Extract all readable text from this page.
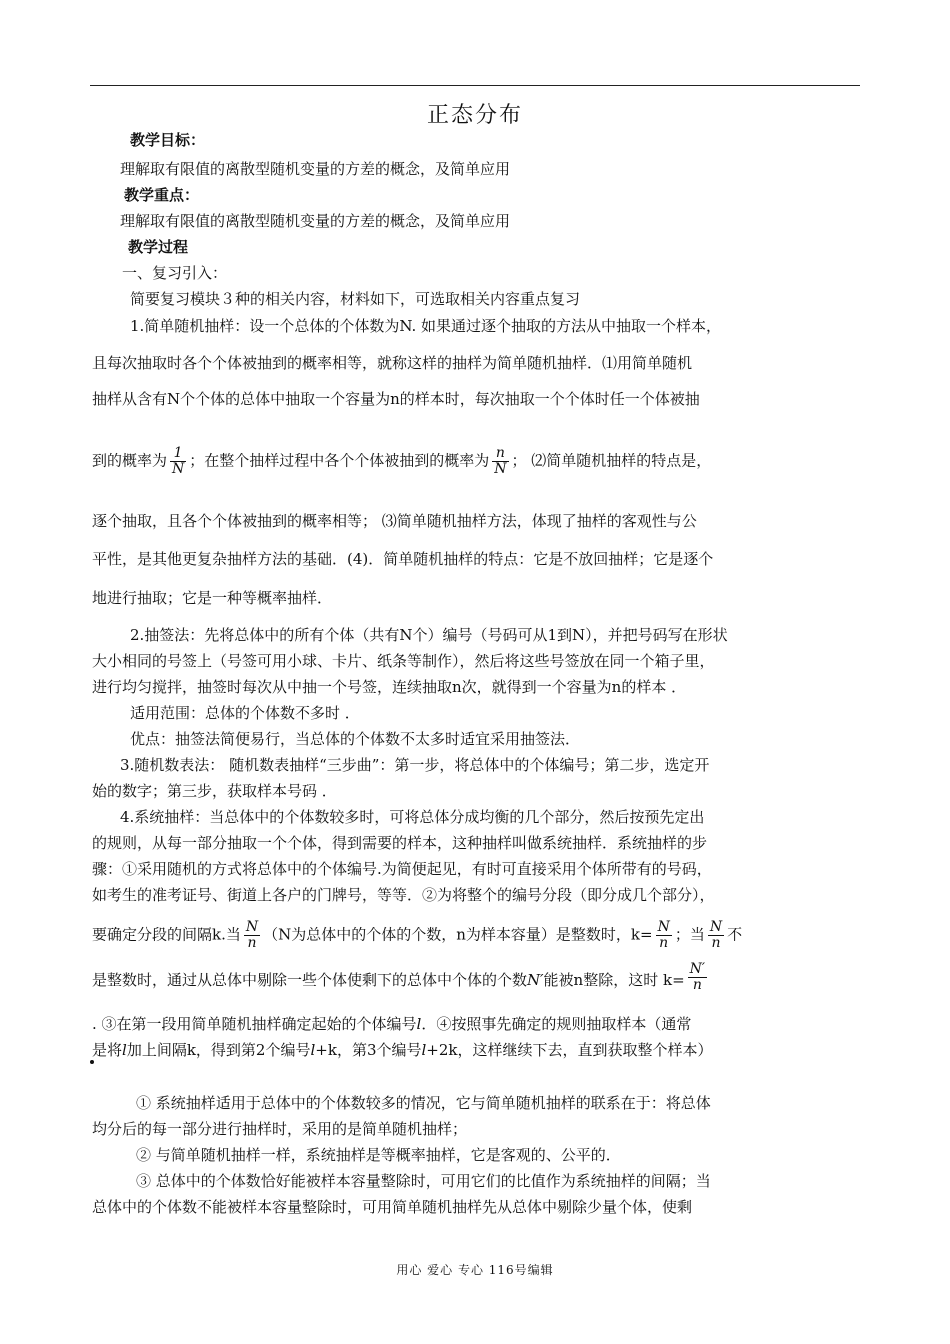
正态分布
教学目标：
理解取有限值的离散型随机变量的方差的概念，及简单应用
教学重点：
理解取有限值的离散型随机变量的方差的概念，及简单应用
教学过程
一、复习引入：
简要复习模块３种的相关内容，材料如下，可选取相关内容重点复习
1.简单随机抽样：设一个总体的个体数为N. 如果通过逐个抽取的方法从中抽取一个样本，
且每次抽取时各个个体被抽到的概率相等，就称这样的抽样为简单随机抽样．⑴用简单随机
抽样从含有N个个体的总体中抽取一个容量为n的样本时，每次抽取一个个体时任一个体被抽
到的概率为 $\frac{1}{N}$ ；在整个抽样过程中各个个体被抽到的概率为 $\frac{n}{N}$ ； ⑵简单随机抽样的特点是，
逐个抽取，且各个个体被抽到的概率相等； ⑶简单随机抽样方法，体现了抽样的客观性与公
平性，是其他更复杂抽样方法的基础．(4)．简单随机抽样的特点：它是不放回抽样；它是逐个
地进行抽取；它是一种等概率抽样．
2.抽签法：先将总体中的所有个体（共有N个）编号（号码可从1到N），并把号码写在形状
大小相同的号签上（号签可用小球、卡片、纸条等制作），然后将这些号签放在同一个箱子里，
进行均匀搅拌，抽签时每次从中抽一个号签，连续抽取n次，就得到一个容量为n的样本 ．
适用范围：总体的个体数不多时 ．
优点：抽签法简便易行，当总体的个体数不太多时适宜采用抽签法．
3.随机数表法： 随机数表抽样“三步曲”：第一步，将总体中的个体编号；第二步，选定开
始的数字；第三步，获取样本号码 ．
4.系统抽样：当总体中的个体数较多时，可将总体分成均衡的几个部分，然后按预先定出
的规则，从每一部分抽取一个个体，得到需要的样本，这种抽样叫做系统抽样．系统抽样的步
骤：①采用随机的方式将总体中的个体编号.为简便起见，有时可直接采用个体所带有的号码，
如考生的准考证号、街道上各户的门牌号，等等．②为将整个的编号分段（即分成几个部分），
要确定分段的间隔k.当 $\frac{N}{n} (N$为总体中的个体的个数，n为样本容量）是整数时，$k= \frac{N}{n}$ ；当 $\frac{N}{n}$ 不
是整数时，通过从总体中剔除一些个体使剩下的总体中个体的个数N′能被n整除，这时 $k= \frac{N'}{n}$
. ③在第一段用简单随机抽样确定起始的个体编号l．④按照事先确定的规则抽取样本（通常
是将l加上间隔k，得到第2个编号l+k，第3个编号l+2k，这样继续下去，直到获取整个样本）
① 系统抽样适用于总体中的个体数较多的情况，它与简单随机抽样的联系在于：将总体
均分后的每一部分进行抽样时，采用的是简单随机抽样；
② 与简单随机抽样一样，系统抽样是等概率抽样，它是客观的、公平的．
③ 总体中的个体数恰好能被样本容量整除时，可用它们的比值作为系统抽样的间隔；当
总体中的个体数不能被样本容量整除时，可用简单随机抽样先从总体中剔除少量个体，使剩
用心 爱心 专心 116号编辑
